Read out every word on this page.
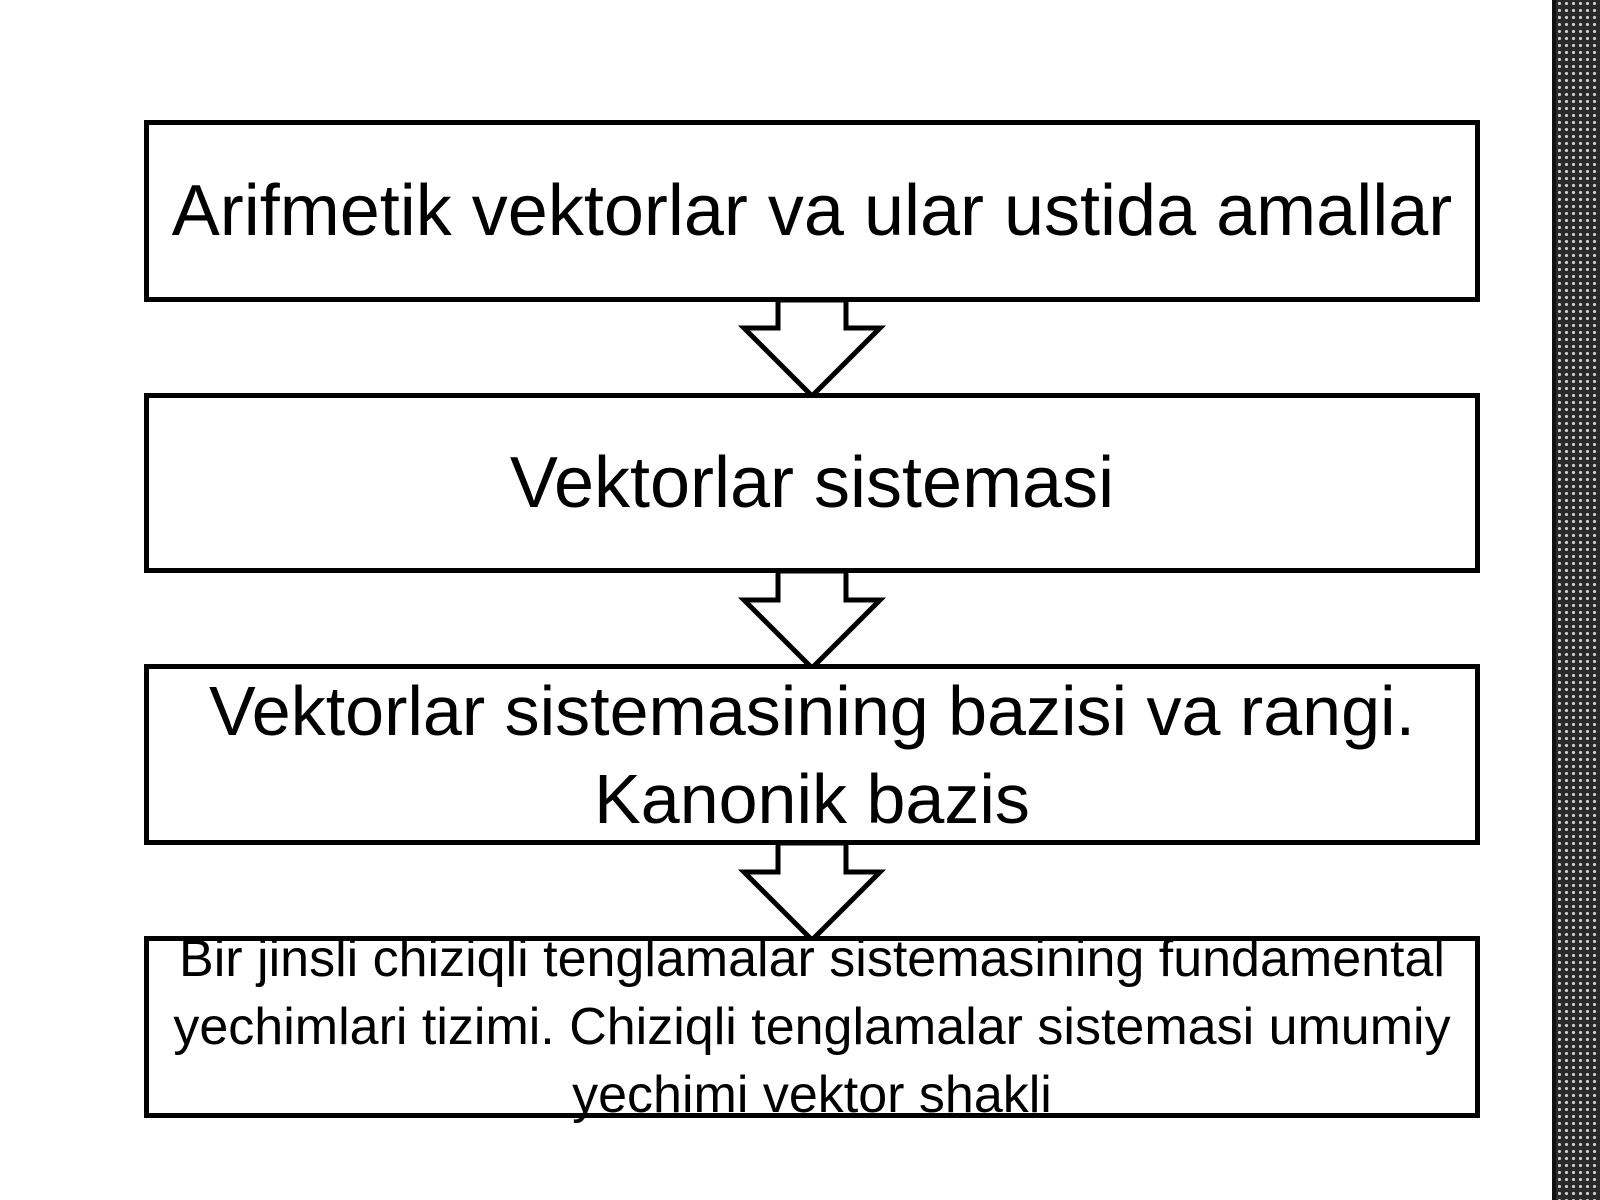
Arifmetik vektorlar va ular ustida amallar
Vektorlar sistemasi
Vektorlar sistemasining bazisi va rangi. Kanonik bazis
Bir jinsli chiziqli tenglamalar sistemasining fundamental yechimlari tizimi. Chiziqli tenglamalar sistemasi umumiy yechimi vektor shakli
